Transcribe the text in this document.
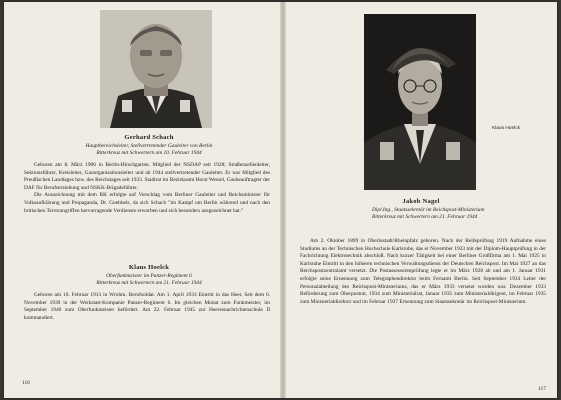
Gerhard Schach
Hauptbereichsleiter, Stellvertretender Gauleiter von Berlin
Ritterkreuz mit Schwertern am 10. Februar 1944

Geboren am 8. März 1906 in Berlin-Hirschgarten. Mitglied der NSDAP seit 1928; Straßenzellenleiter, Sektionsführer, Kreisleiter, Gauorganisationsleiter und ab 1944 stellvertretender Gauleiter. Er war Mitglied des Preußischen Landtages bzw. des Reichstages seit 1933. Stadtrat im Bezirksamt Horst Wessel, Gaubeauftragter der DAF für Berufserziehung und NSKK-Brigadeführer.

Die Auszeichnung mit dem RK erfolgte auf Vorschlag vom Berliner Gauleiter und Reichsminister für Volksaufklärung und Propaganda, Dr. Goebbels, da sich Schach "im Kampf um Berlin während und nach den britischen Terrorangriffen hervorragende Verdienste erworben und sich besonders ausgezeichnet hat."

Klaus Hoelck
Oberfunkmeister im Panzer-Regiment 6
Ritterkreuz mit Schwertern am 21. Februar 1944

Geboren am 10. Februar 1913 in Wrohm. Berufsoldat. Am 1. April 1933 Eintritt in das Heer. Seit dem 6. November 1939 in der Werkstatt-Kompanie Panzer-Regiment 6. Im gleichen Monat zum Funkmeister, im September 1940 zum Oberfunkmeister befördert. Am 22. Februar 1945 zur Heeresnachrichtenschule II kommandiert.

116
Klaus Hoelck
Jakob Nagel
Dipl.Ing., Staatssekretär im Reichspost-Ministerium
Ritterkreuz mit Schwertern am 21. Februar 1944

Am 2. Oktober 1899 in Oberlustadt/Rheinpfalz geboren. Nach der Reifeprüfung 1919 Aufnahme eines Studiums an der Technischen Hochschule Karlsruhe, das er November 1923 mit der Diplom-Hauptprüfung in der Fachrichtung Elektrotechnik abschloß. Nach kurzer Tätigkeit bei einer Berliner Großfirma am 1. Mai 1925 in Karlsruhe Eintritt in den höheren technischen Verwaltungsdienst der Deutschen Reichspost. Im Mai 1927 an das Reichspostzentralamt versetzt. Die Postassessorenprüfung legte er im März 1928 ab und am 1. Januar 1931 erfolgte seine Ernennung zum Telegraphendirektor beim Fernamt Berlin. Seit September 1934 Leiter der Personalabteilung des Reichspost-Ministeriums, das er März 1933 versetzt worden war. Dezember 1933 Beförderung zum Oberpostrat, 1934 zum Ministerialrat, Januar 1935 zum Ministerialdirigent, im Februar 1935 zum Ministerialdirektor und im Februar 1937 Ernennung zum Staatssekretär im Reichspost-Ministerium.

117
